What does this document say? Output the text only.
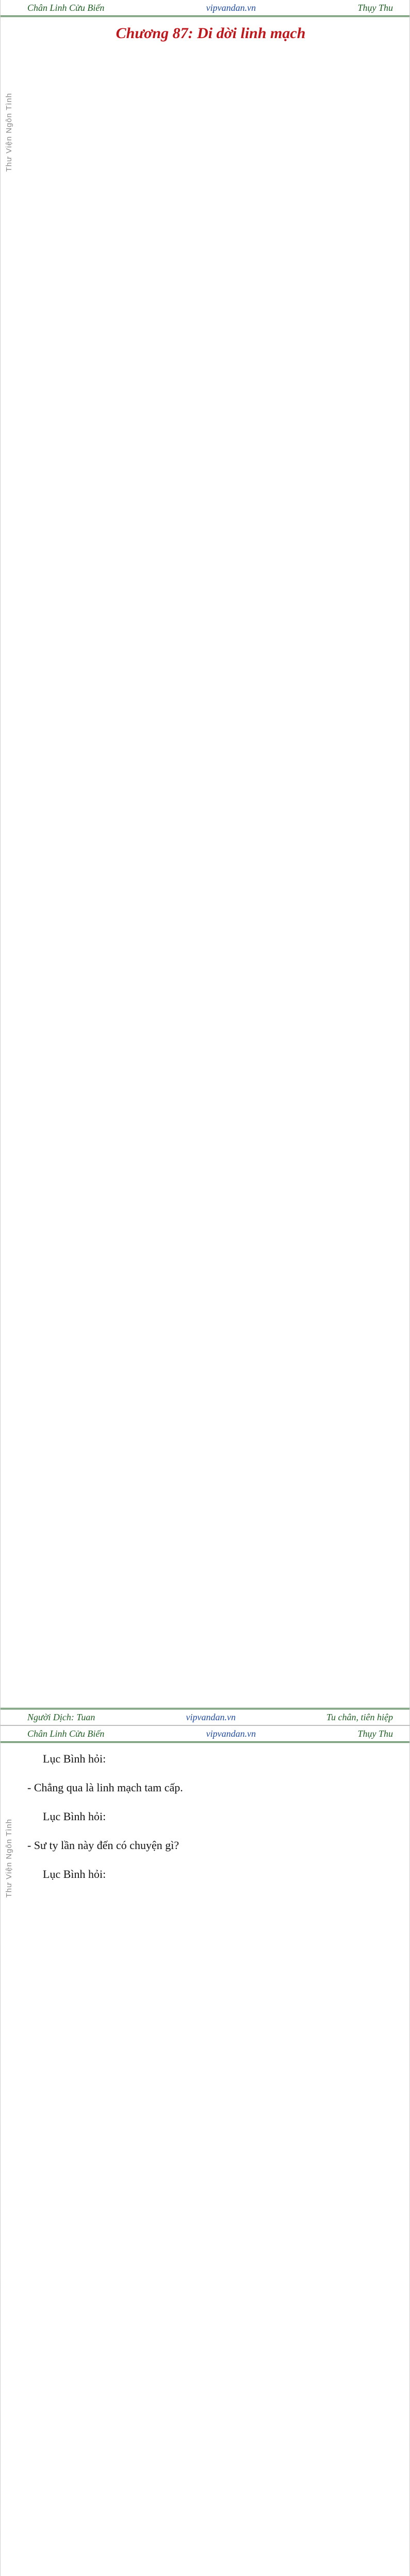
Chân Linh Cửu Biến	vipvandan.vn	Thụy Thu
Thư Viện Ngôn Tình
Chương 87: Di dời linh mạch
Người Dịch: Tuan	vipvandan.vn	Tu chân, tiên hiệp
Chân Linh Cửu Biến	vipvandan.vn	Thụy Thu
Thư Viện Ngôn Tình

Lục Bình hỏi:

- Chẳng qua là linh mạch tam cấp.

Lục Bình hỏi:

- Sư ty lần này đến có chuyện gì?

Lục Bình hỏi:
